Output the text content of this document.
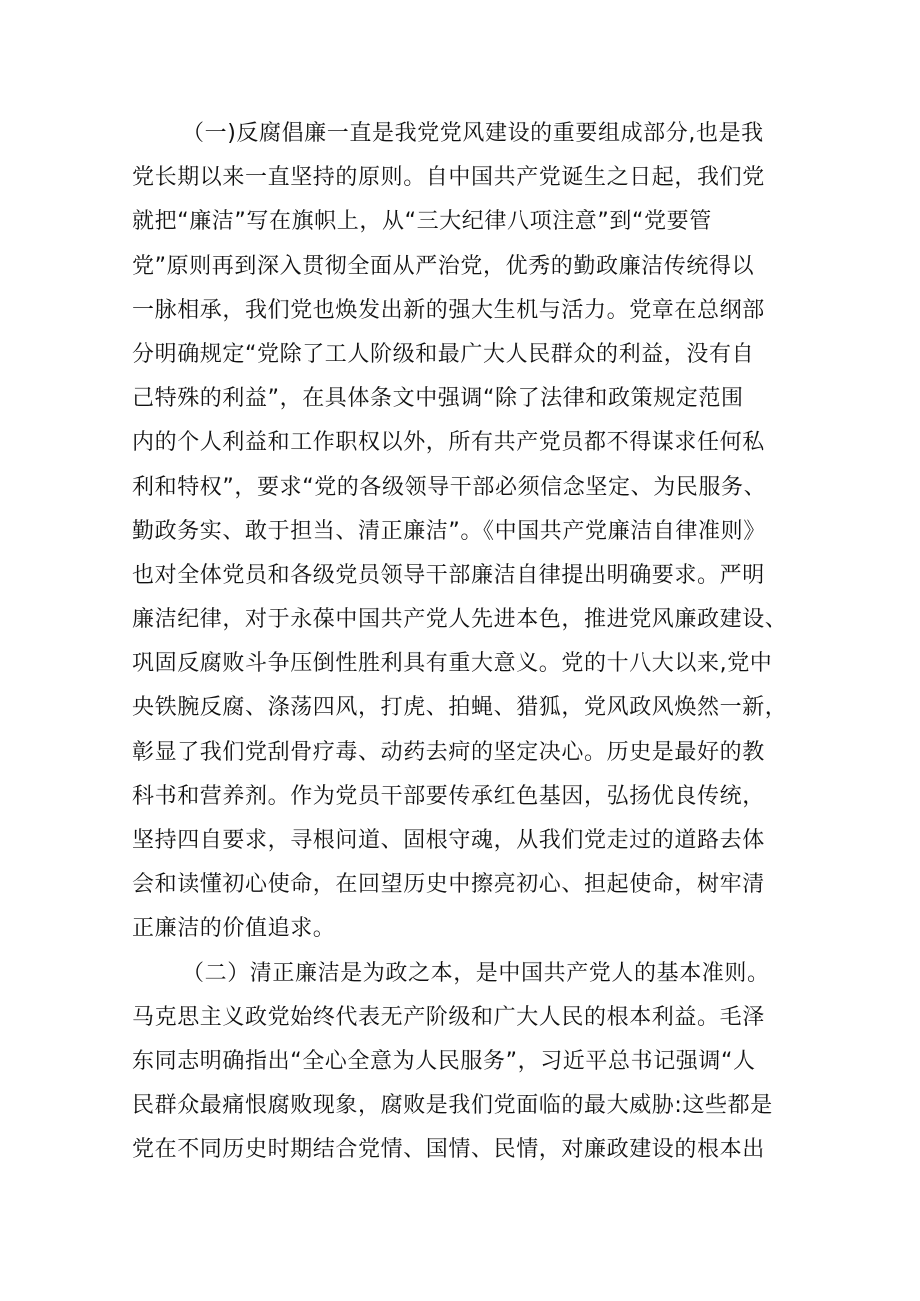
（一)反腐倡廉一直是我党党风建设的重要组成部分,也是我
党长期以来一直坚持的原则。自中国共产党诞生之日起，我们党
就把“廉洁”写在旗帜上，从“三大纪律八项注意”到“党要管
党”原则再到深入贯彻全面从严治党，优秀的勤政廉洁传统得以
一脉相承，我们党也焕发出新的强大生机与活力。党章在总纲部
分明确规定“党除了工人阶级和最广大人民群众的利益，没有自
己特殊的利益”，在具体条文中强调“除了法律和政策规定范围
内的个人利益和工作职权以外，所有共产党员都不得谋求任何私
利和特权”，要求“党的各级领导干部必须信念坚定、为民服务、
勤政务实、敢于担当、清正廉洁”。《中国共产党廉洁自律准则》
也对全体党员和各级党员领导干部廉洁自律提出明确要求。严明
廉洁纪律，对于永葆中国共产党人先进本色，推进党风廉政建设、
巩固反腐败斗争压倒性胜利具有重大意义。党的十八大以来,党中
央铁腕反腐、涤荡四风，打虎、拍蝇、猎狐，党风政风焕然一新，
彰显了我们党刮骨疗毒、动药去疴的坚定决心。历史是最好的教
科书和营养剂。作为党员干部要传承红色基因，弘扬优良传统，
坚持四自要求，寻根问道、固根守魂，从我们党走过的道路去体
会和读懂初心使命，在回望历史中擦亮初心、担起使命，树牢清
正廉洁的价值追求。
（二）清正廉洁是为政之本，是中国共产党人的基本准则。
马克思主义政党始终代表无产阶级和广大人民的根本利益。毛泽
东同志明确指出“全心全意为人民服务”，习近平总书记强调“人
民群众最痛恨腐败现象，腐败是我们党面临的最大威胁:这些都是
党在不同历史时期结合党情、国情、民情，对廉政建设的根本出
